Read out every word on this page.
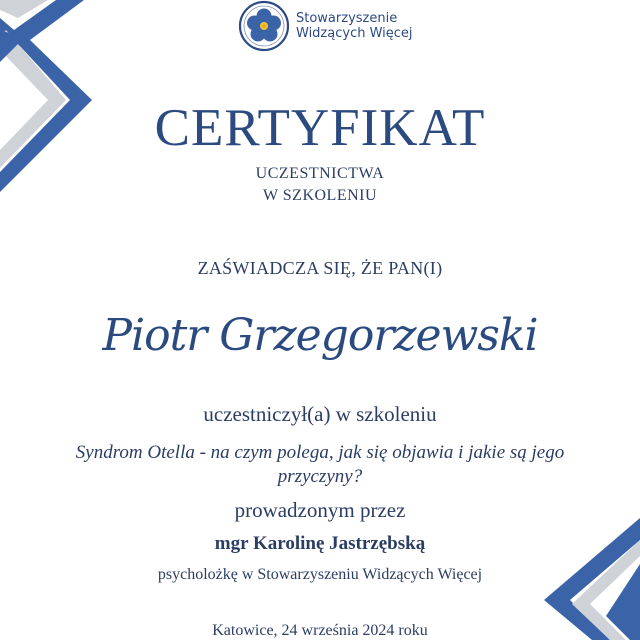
Stowarzyszenie
Widzących Więcej
CERTYFIKAT
UCZESTNICTWA
W SZKOLENIU
ZAŚWIADCZA SIĘ, ŻE PAN(I)
Piotr Grzegorzewski
uczestniczył(a) w szkoleniu
Syndrom Otella - na czym polega, jak się objawia i jakie są jego przyczyny?
prowadzonym przez
mgr Karolinę Jastrzębską
psycholożkę w Stowarzyszeniu Widzących Więcej
Katowice, 24 września 2024 roku
